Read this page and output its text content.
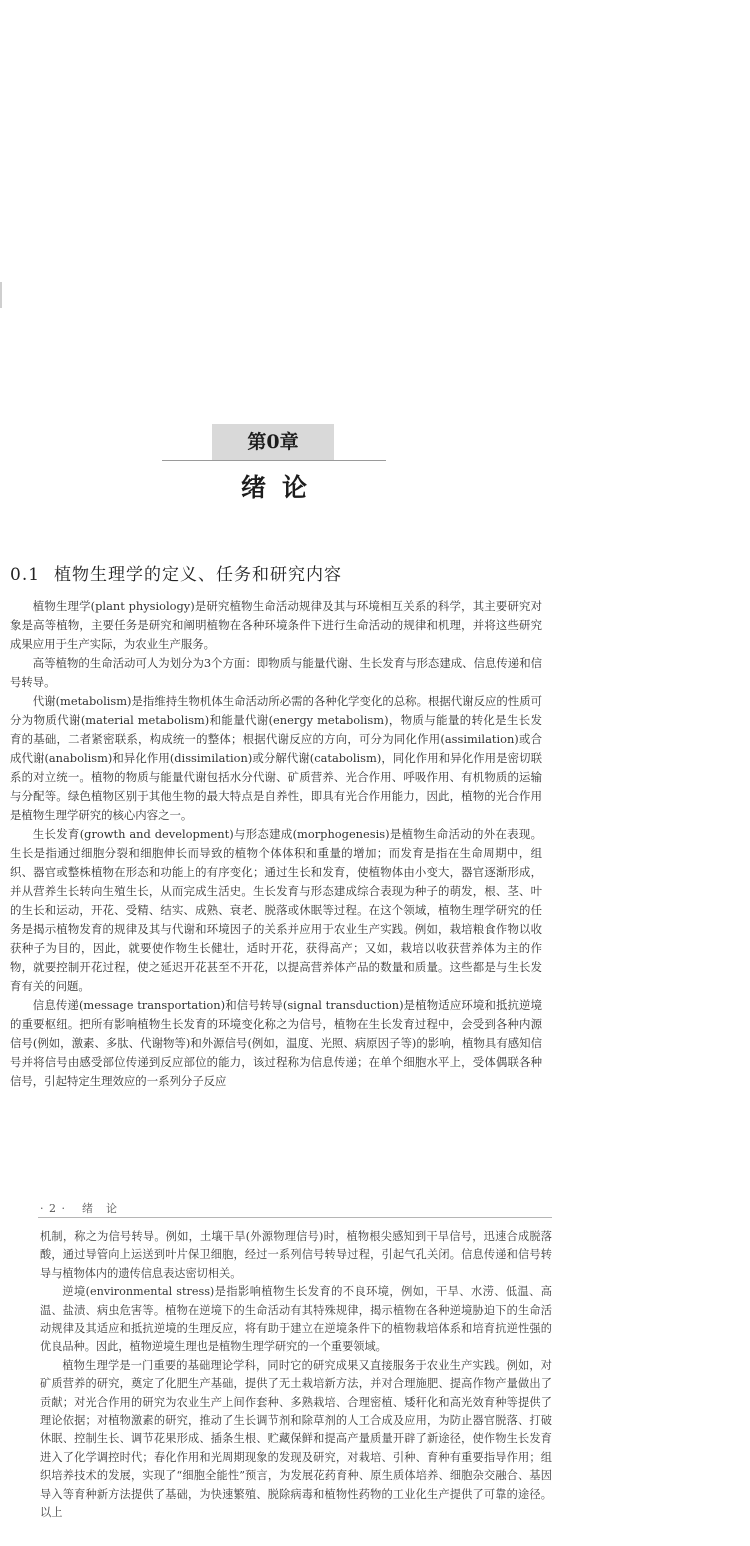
第0章
绪论
0.1 植物生理学的定义、任务和研究内容

植物生理学(plant physiology)是研究植物生命活动规律及其与环境相互关系的科学，其主要研究对象是高等植物，主要任务是研究和阐明植物在各种环境条件下进行生命活动的规律和机理，并将这些研究成果应用于生产实际，为农业生产服务。

高等植物的生命活动可人为划分为3个方面：即物质与能量代谢、生长发育与形态建成、信息传递和信号转导。

代谢(metabolism)是指维持生物机体生命活动所必需的各种化学变化的总称。根据代谢反应的性质可分为物质代谢(material metabolism)和能量代谢(energy metabolism)，物质与能量的转化是生长发育的基础，二者紧密联系，构成统一的整体；根据代谢反应的方向，可分为同化作用(assimilation)或合成代谢(anabolism)和异化作用(dissimilation)或分解代谢(catabolism)，同化作用和异化作用是密切联系的对立统一。植物的物质与能量代谢包括水分代谢、矿质营养、光合作用、呼吸作用、有机物质的运输与分配等。绿色植物区别于其他生物的最大特点是自养性，即具有光合作用能力，因此，植物的光合作用是植物生理学研究的核心内容之一。

生长发育(growth and development)与形态建成(morphogenesis)是植物生命活动的外在表现。生长是指通过细胞分裂和细胞伸长而导致的植物个体体积和重量的增加；而发育是指在生命周期中，组织、器官或整株植物在形态和功能上的有序变化；通过生长和发育，使植物体由小变大，器官逐渐形成，并从营养生长转向生殖生长，从而完成生活史。生长发育与形态建成综合表现为种子的萌发，根、茎、叶的生长和运动，开花、受精、结实、成熟、衰老、脱落或休眠等过程。在这个领域，植物生理学研究的任务是揭示植物发育的规律及其与代谢和环境因子的关系并应用于农业生产实践。例如，栽培粮食作物以收获种子为目的，因此，就要使作物生长健壮，适时开花，获得高产；又如，栽培以收获营养体为主的作物，就要控制开花过程，使之延迟开花甚至不开花，以提高营养体产品的数量和质量。这些都是与生长发育有关的问题。

信息传递(message transportation)和信号转导(signal transduction)是植物适应环境和抵抗逆境的重要枢纽。把所有影响植物生长发育的环境变化称之为信号，植物在生长发育过程中，会受到各种内源信号(例如，激素、多肽、代谢物等)和外源信号(例如，温度、光照、病原因子等)的影响，植物具有感知信号并将信号由感受部位传递到反应部位的能力，该过程称为信息传递；在单个细胞水平上，受体偶联各种信号，引起特定生理效应的一系列分子反应

· 2 · 绪　论

机制，称之为信号转导。例如，土壤干旱(外源物理信号)时，植物根尖感知到干旱信号，迅速合成脱落酸，通过导管向上运送到叶片保卫细胞，经过一系列信号转导过程，引起气孔关闭。信息传递和信号转导与植物体内的遗传信息表达密切相关。

逆境(environmental stress)是指影响植物生长发育的不良环境，例如，干旱、水涝、低温、高温、盐渍、病虫危害等。植物在逆境下的生命活动有其特殊规律，揭示植物在各种逆境胁迫下的生命活动规律及其适应和抵抗逆境的生理反应，将有助于建立在逆境条件下的植物栽培体系和培育抗逆性强的优良品种。因此，植物逆境生理也是植物生理学研究的一个重要领域。

植物生理学是一门重要的基础理论学科，同时它的研究成果又直接服务于农业生产实践。例如，对矿质营养的研究，奠定了化肥生产基础，提供了无土栽培新方法，并对合理施肥、提高作物产量做出了贡献；对光合作用的研究为农业生产上间作套种、多熟栽培、合理密植、矮秆化和高光效育种等提供了理论依据；对植物激素的研究，推动了生长调节剂和除草剂的人工合成及应用，为防止器官脱落、打破休眠、控制生长、调节花果形成、插条生根、贮藏保鲜和提高产量质量开辟了新途径，使作物生长发育进入了化学调控时代；春化作用和光周期现象的发现及研究，对栽培、引种、育种有重要指导作用；组织培养技术的发展，实现了“细胞全能性”预言，为发展花药育种、原生质体培养、细胞杂交融合、基因导入等育种新方法提供了基础，为快速繁殖、脱除病毒和植物性药物的工业化生产提供了可靠的途径。以上
